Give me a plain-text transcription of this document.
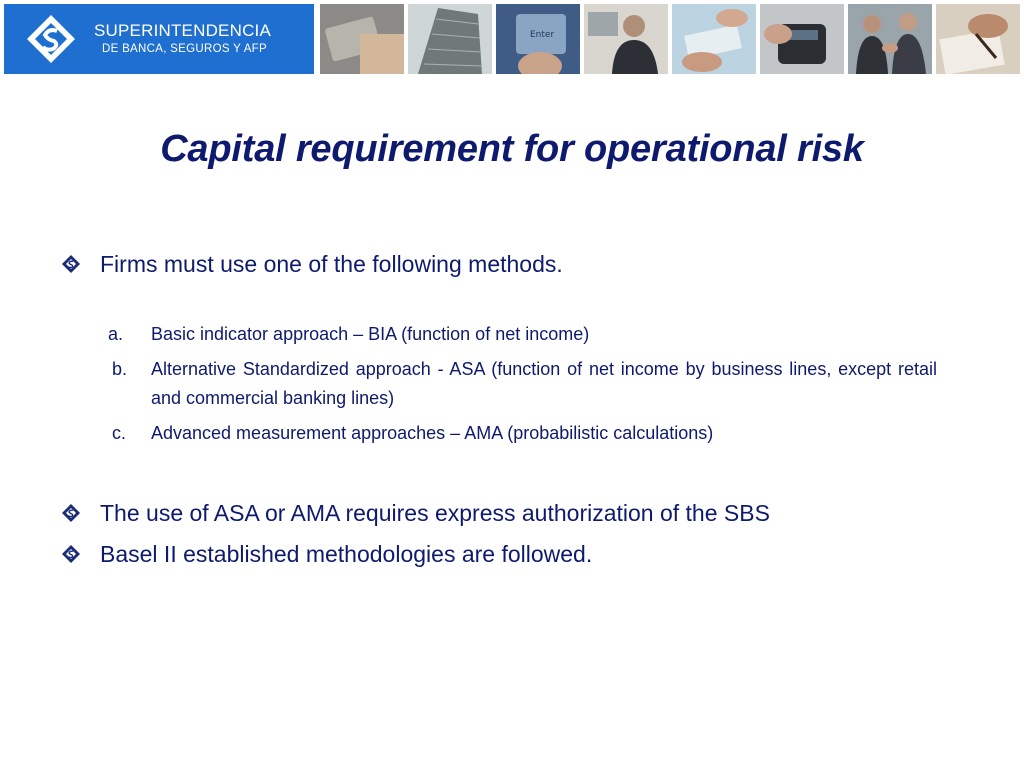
SUPERINTENDENCIA
DE BANCA, SEGUROS Y AFP
Enter
Capital requirement for operational risk
Firms must use one of the following methods.
a.	Basic indicator approach – BIA (function of net income)
b.	Alternative Standardized approach - ASA (function of net income by business lines, except retail and commercial banking lines)
c.	Advanced measurement approaches – AMA (probabilistic calculations)
The use of ASA or AMA requires express authorization of the SBS
Basel II established methodologies are followed.
